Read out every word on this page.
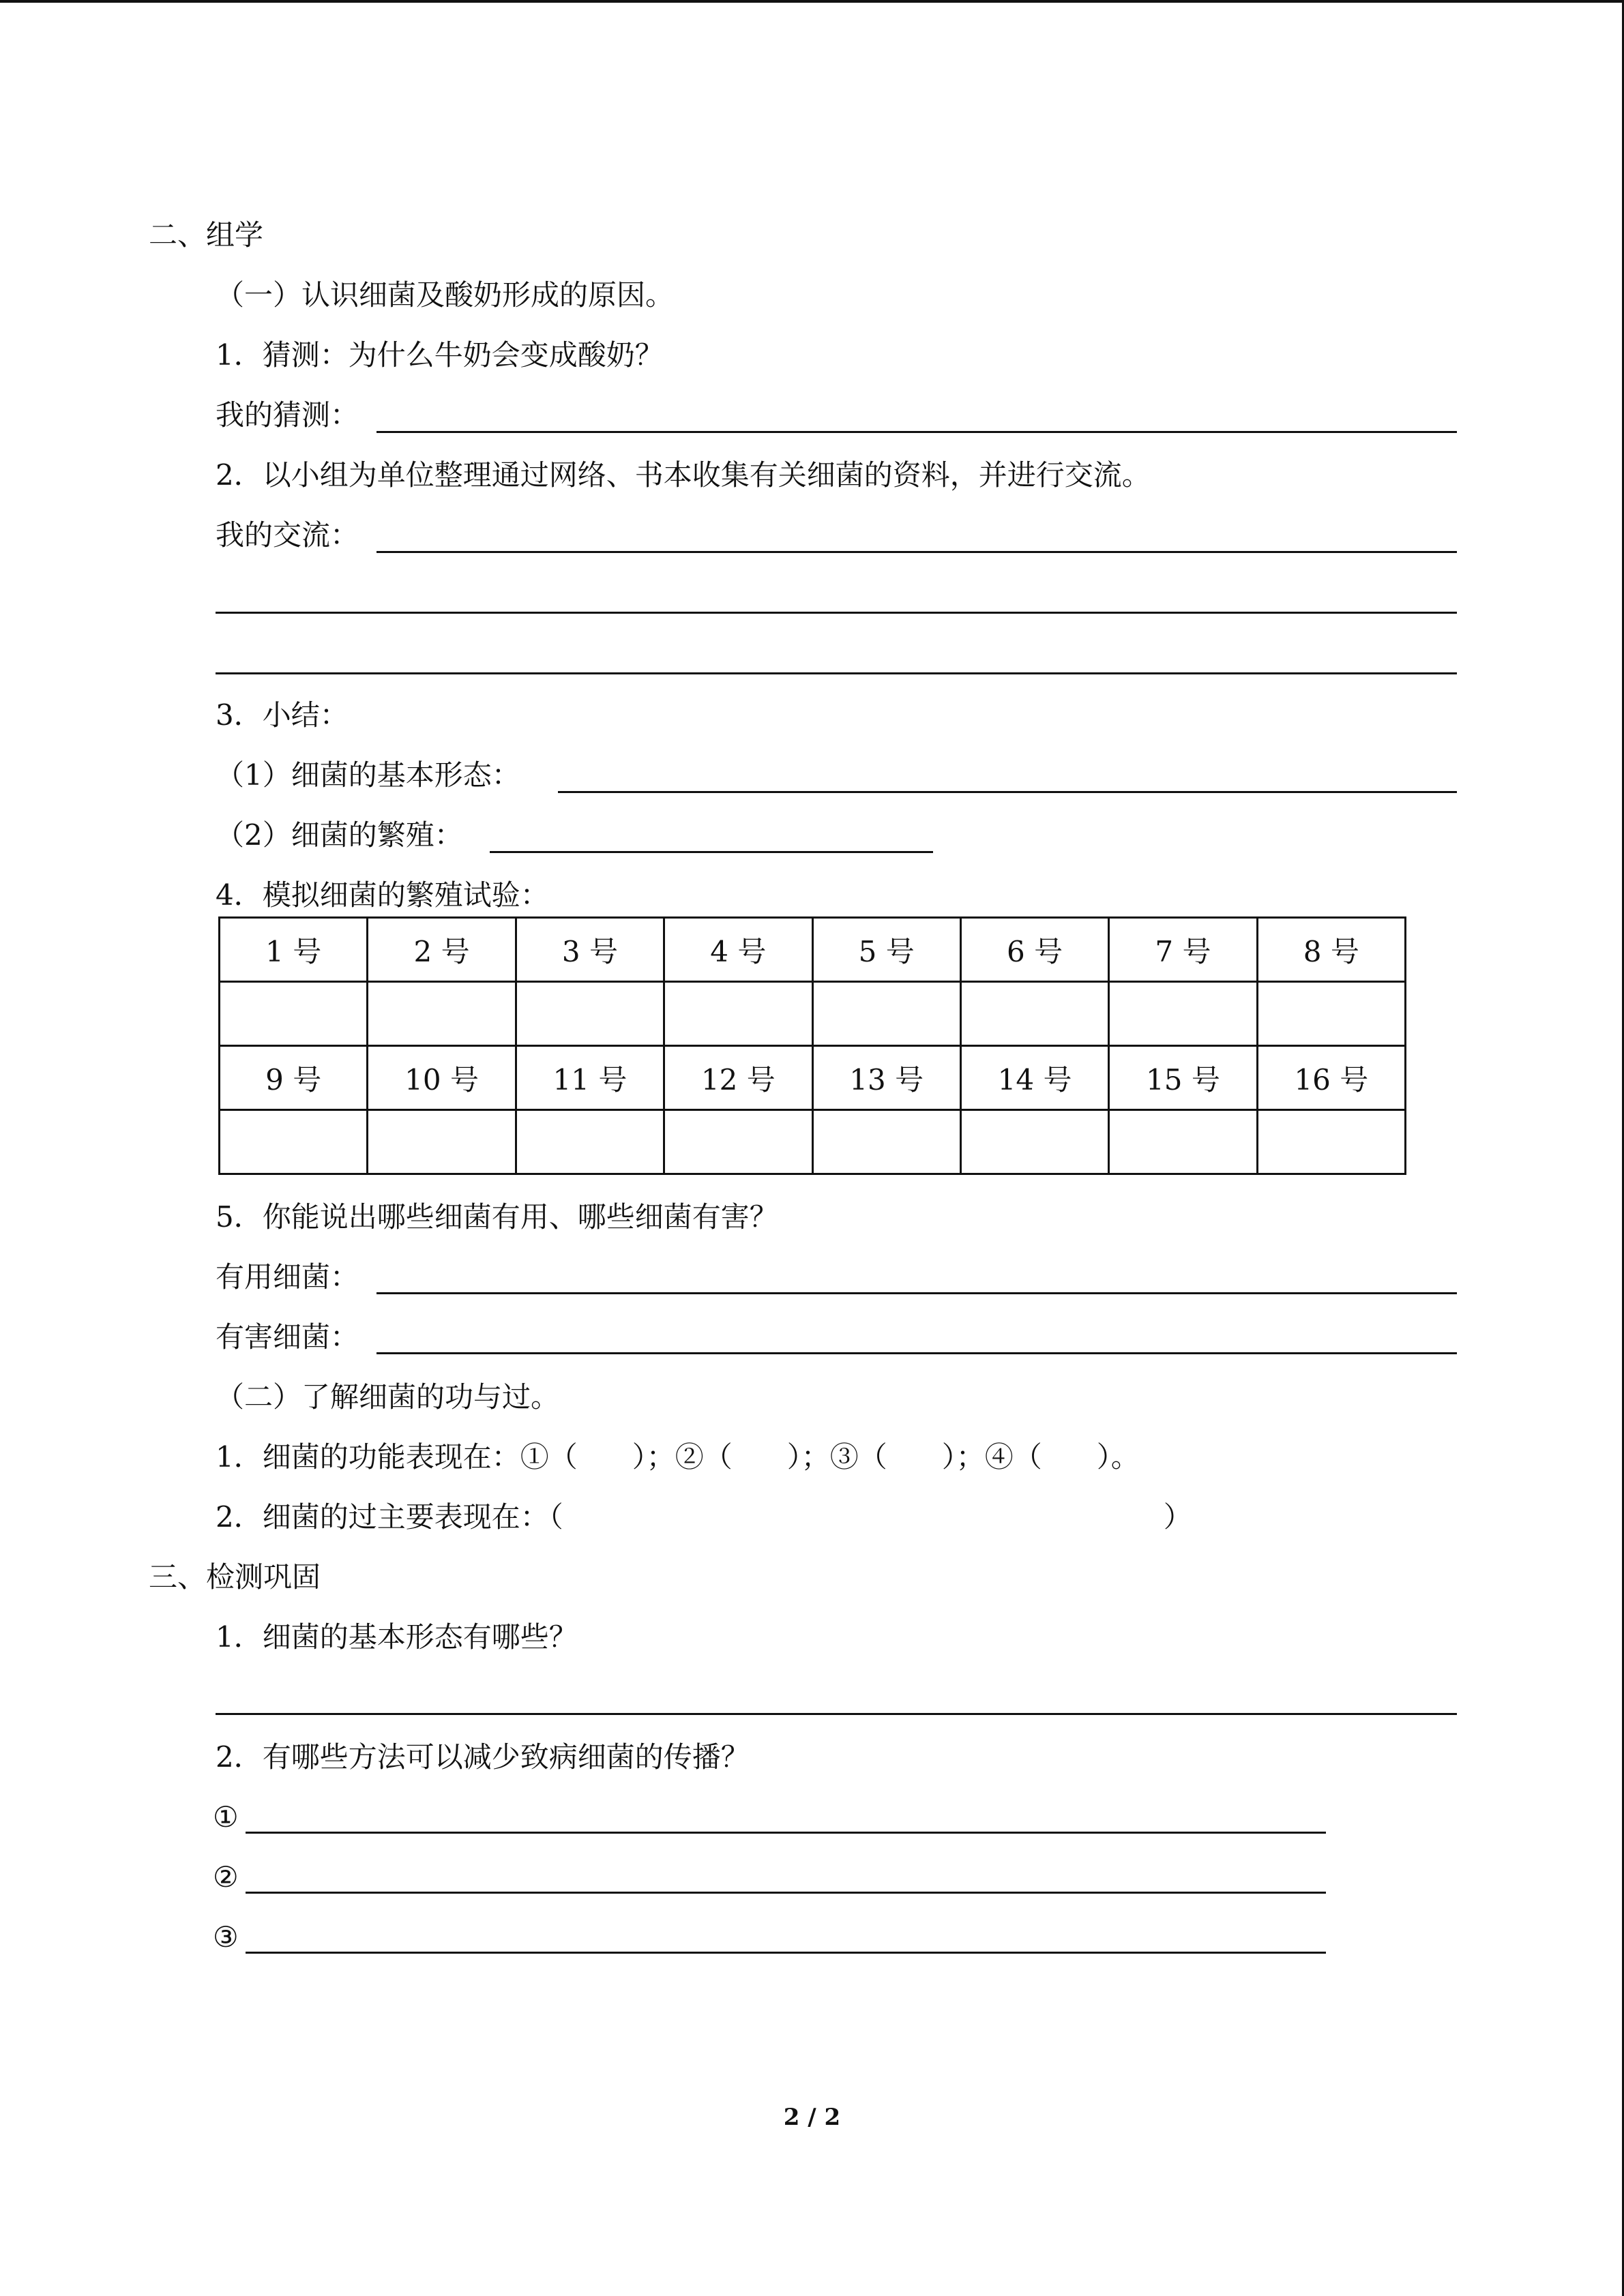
二、组学
（一）认识细菌及酸奶形成的原因。
1．猜测：为什么牛奶会变成酸奶？
我的猜测：
2．以小组为单位整理通过网络、书本收集有关细菌的资料，并进行交流。
我的交流：
3．小结：
（1）细菌的基本形态：
（2）细菌的繁殖：
4．模拟细菌的繁殖试验：
1 号	2 号	3 号	4 号	5 号	6 号	7 号	8 号

9 号	10 号	11 号	12 号	13 号	14 号	15 号	16 号

5．你能说出哪些细菌有用、哪些细菌有害？
有用细菌：
有害细菌：
（二）了解细菌的功与过。
1．细菌的功能表现在：①（ ）；②（ ）；③（ ）；④（ ）。
2．细菌的过主要表现在：（	）
三、检测巩固
1．细菌的基本形态有哪些？
2．有哪些方法可以减少致病细菌的传播？
①
②
③
2 / 2
